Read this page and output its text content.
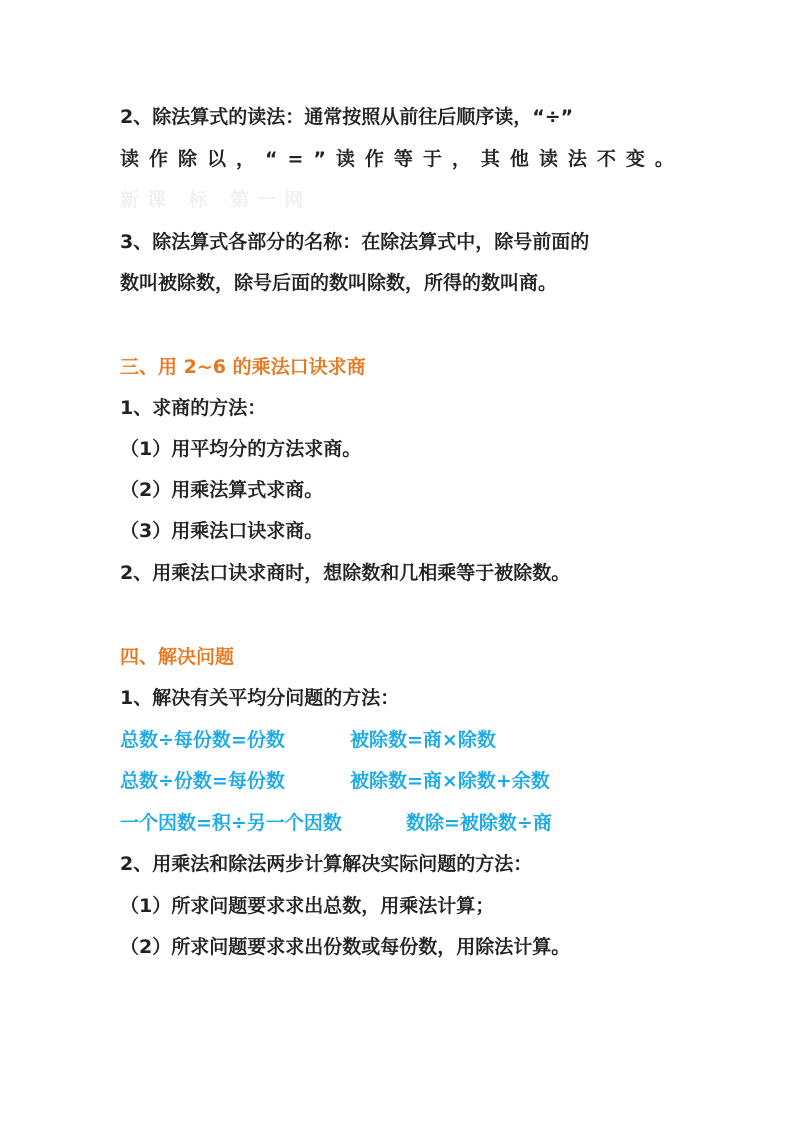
2、除法算式的读法：通常按照从前往后顺序读，“÷”

读作除以，“=”读作等于，其他读法不变。

新课 标 第一网

3、除法算式各部分的名称：在除法算式中，除号前面的

数叫被除数，除号后面的数叫除数，所得的数叫商。

三、用 2~6 的乘法口诀求商

1、求商的方法：

（1）用平均分的方法求商。

（2）用乘法算式求商。

（3）用乘法口诀求商。

2、用乘法口诀求商时，想除数和几相乘等于被除数。

四、解决问题

1、解决有关平均分问题的方法：

总数÷每份数=份数	被除数=商×除数

总数÷份数=每份数	被除数=商×除数+余数

一个因数=积÷另一个因数	数除=被除数÷商

2、用乘法和除法两步计算解决实际问题的方法：

（1）所求问题要求求出总数，用乘法计算；

（2）所求问题要求求出份数或每份数，用除法计算。
